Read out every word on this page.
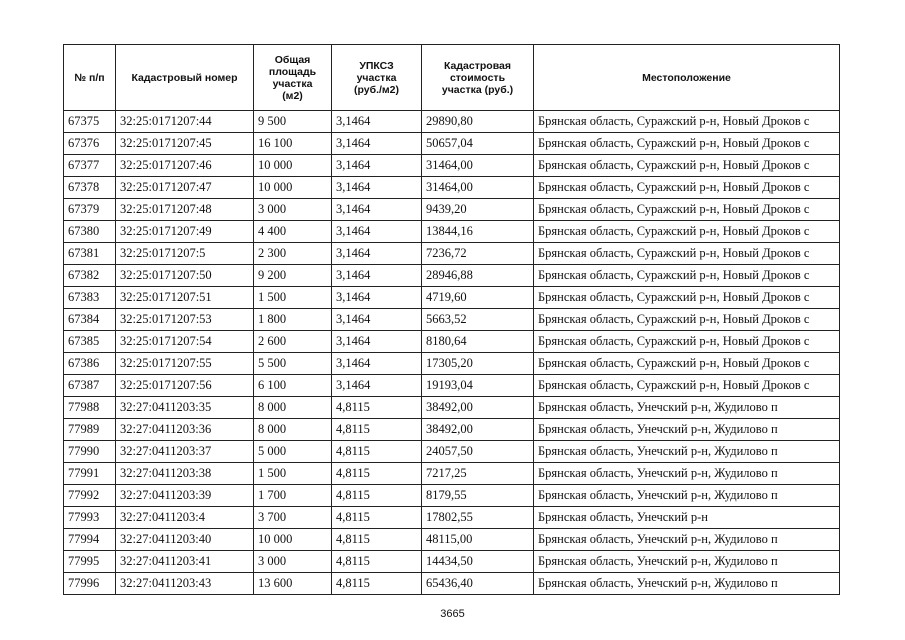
№ п/п	Кадастровый номер	Общая
площадь
участка
(м2)	УПКСЗ
участка
(руб./м2)	Кадастровая
стоимость
участка (руб.)	Местоположение
67375	32:25:0171207:44	9 500	3,1464	29890,80	Брянская область, Суражский р-н, Новый Дроков с
67376	32:25:0171207:45	16 100	3,1464	50657,04	Брянская область, Суражский р-н, Новый Дроков с
67377	32:25:0171207:46	10 000	3,1464	31464,00	Брянская область, Суражский р-н, Новый Дроков с
67378	32:25:0171207:47	10 000	3,1464	31464,00	Брянская область, Суражский р-н, Новый Дроков с
67379	32:25:0171207:48	3 000	3,1464	9439,20	Брянская область, Суражский р-н, Новый Дроков с
67380	32:25:0171207:49	4 400	3,1464	13844,16	Брянская область, Суражский р-н, Новый Дроков с
67381	32:25:0171207:5	2 300	3,1464	7236,72	Брянская область, Суражский р-н, Новый Дроков с
67382	32:25:0171207:50	9 200	3,1464	28946,88	Брянская область, Суражский р-н, Новый Дроков с
67383	32:25:0171207:51	1 500	3,1464	4719,60	Брянская область, Суражский р-н, Новый Дроков с
67384	32:25:0171207:53	1 800	3,1464	5663,52	Брянская область, Суражский р-н, Новый Дроков с
67385	32:25:0171207:54	2 600	3,1464	8180,64	Брянская область, Суражский р-н, Новый Дроков с
67386	32:25:0171207:55	5 500	3,1464	17305,20	Брянская область, Суражский р-н, Новый Дроков с
67387	32:25:0171207:56	6 100	3,1464	19193,04	Брянская область, Суражский р-н, Новый Дроков с
77988	32:27:0411203:35	8 000	4,8115	38492,00	Брянская область, Унечский р-н, Жудилово п
77989	32:27:0411203:36	8 000	4,8115	38492,00	Брянская область, Унечский р-н, Жудилово п
77990	32:27:0411203:37	5 000	4,8115	24057,50	Брянская область, Унечский р-н, Жудилово п
77991	32:27:0411203:38	1 500	4,8115	7217,25	Брянская область, Унечский р-н, Жудилово п
77992	32:27:0411203:39	1 700	4,8115	8179,55	Брянская область, Унечский р-н, Жудилово п
77993	32:27:0411203:4	3 700	4,8115	17802,55	Брянская область, Унечский р-н
77994	32:27:0411203:40	10 000	4,8115	48115,00	Брянская область, Унечский р-н, Жудилово п
77995	32:27:0411203:41	3 000	4,8115	14434,50	Брянская область, Унечский р-н, Жудилово п
77996	32:27:0411203:43	13 600	4,8115	65436,40	Брянская область, Унечский р-н, Жудилово п
3665
